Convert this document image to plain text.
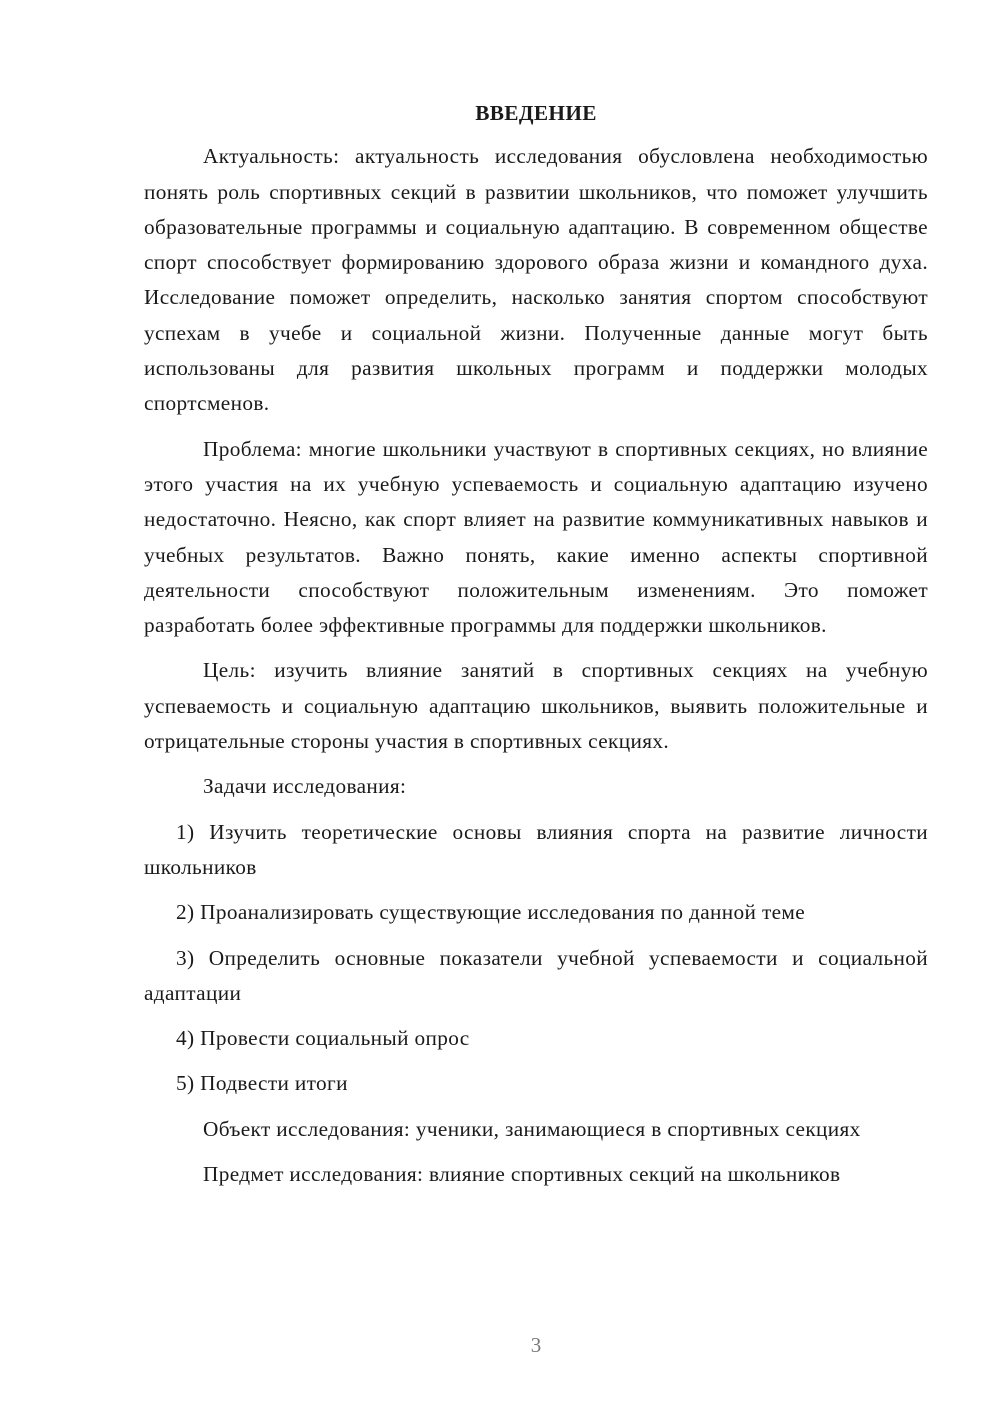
ВВЕДЕНИЕ

Актуальность: актуальность исследования обусловлена необходимостью понять роль спортивных секций в развитии школьников, что поможет улучшить образовательные программы и социальную адаптацию. В современном обществе спорт способствует формированию здорового образа жизни и командного духа. Исследование поможет определить, насколько занятия спортом способствуют успехам в учебе и социальной жизни. Полученные данные могут быть использованы для развития школьных программ и поддержки молодых спортсменов.

Проблема: многие школьники участвуют в спортивных секциях, но влияние этого участия на их учебную успеваемость и социальную адаптацию изучено недостаточно. Неясно, как спорт влияет на развитие коммуникативных навыков и учебных результатов. Важно понять, какие именно аспекты спортивной деятельности способствуют положительным изменениям. Это поможет разработать более эффективные программы для поддержки школьников.

Цель: изучить влияние занятий в спортивных секциях на учебную успеваемость и социальную адаптацию школьников, выявить положительные и отрицательные стороны участия в спортивных секциях.

Задачи исследования:

1) Изучить теоретические основы влияния спорта на развитие личности школьников

2) Проанализировать существующие исследования по данной теме

3) Определить основные показатели учебной успеваемости и социальной адаптации

4) Провести социальный опрос

5) Подвести итоги

Объект исследования: ученики, занимающиеся в спортивных секциях

Предмет исследования: влияние спортивных секций на школьников

3
